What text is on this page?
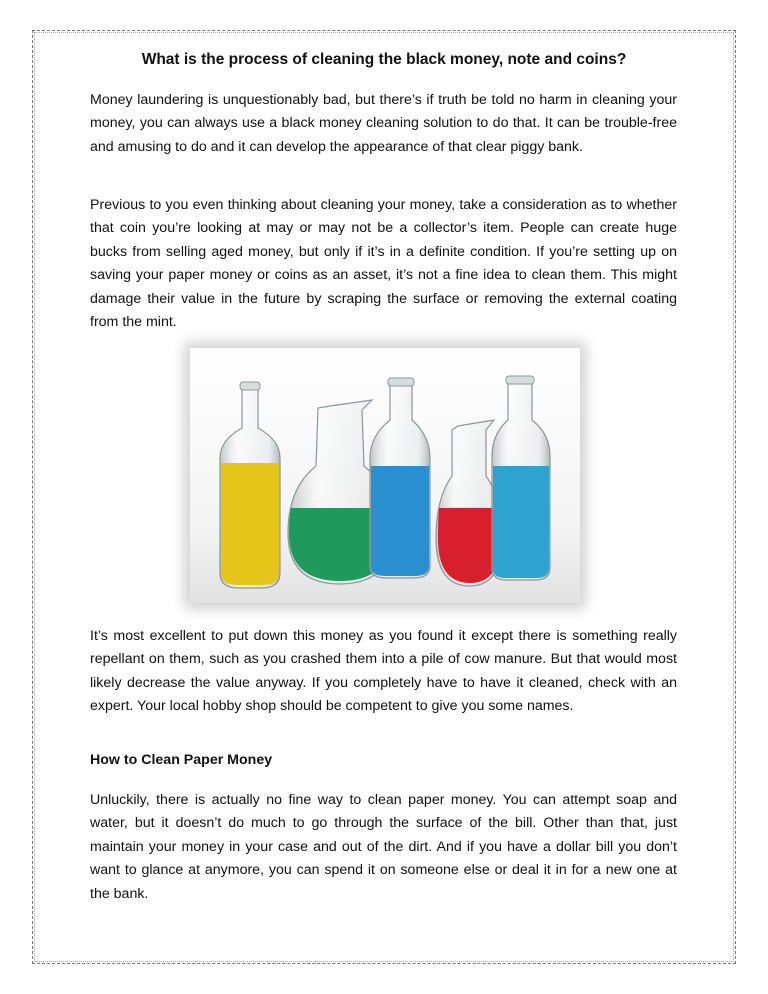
What is the process of cleaning the black money, note and coins?

Money laundering is unquestionably bad, but there’s if truth be told no harm in cleaning your money, you can always use a black money cleaning solution to do that. It can be trouble-free and amusing to do and it can develop the appearance of that clear piggy bank.

Previous to you even thinking about cleaning your money, take a consideration as to whether that coin you’re looking at may or may not be a collector’s item. People can create huge bucks from selling aged money, but only if it’s in a definite condition. If you’re setting up on saving your paper money or coins as an asset, it’s not a fine idea to clean them. This might damage their value in the future by scraping the surface or removing the external coating from the mint.

It’s most excellent to put down this money as you found it except there is something really repellant on them, such as you crashed them into a pile of cow manure. But that would most likely decrease the value anyway. If you completely have to have it cleaned, check with an expert. Your local hobby shop should be competent to give you some names.

How to Clean Paper Money

Unluckily, there is actually no fine way to clean paper money. You can attempt soap and water, but it doesn’t do much to go through the surface of the bill. Other than that, just maintain your money in your case and out of the dirt. And if you have a dollar bill you don’t want to glance at anymore, you can spend it on someone else or deal it in for a new one at the bank.
